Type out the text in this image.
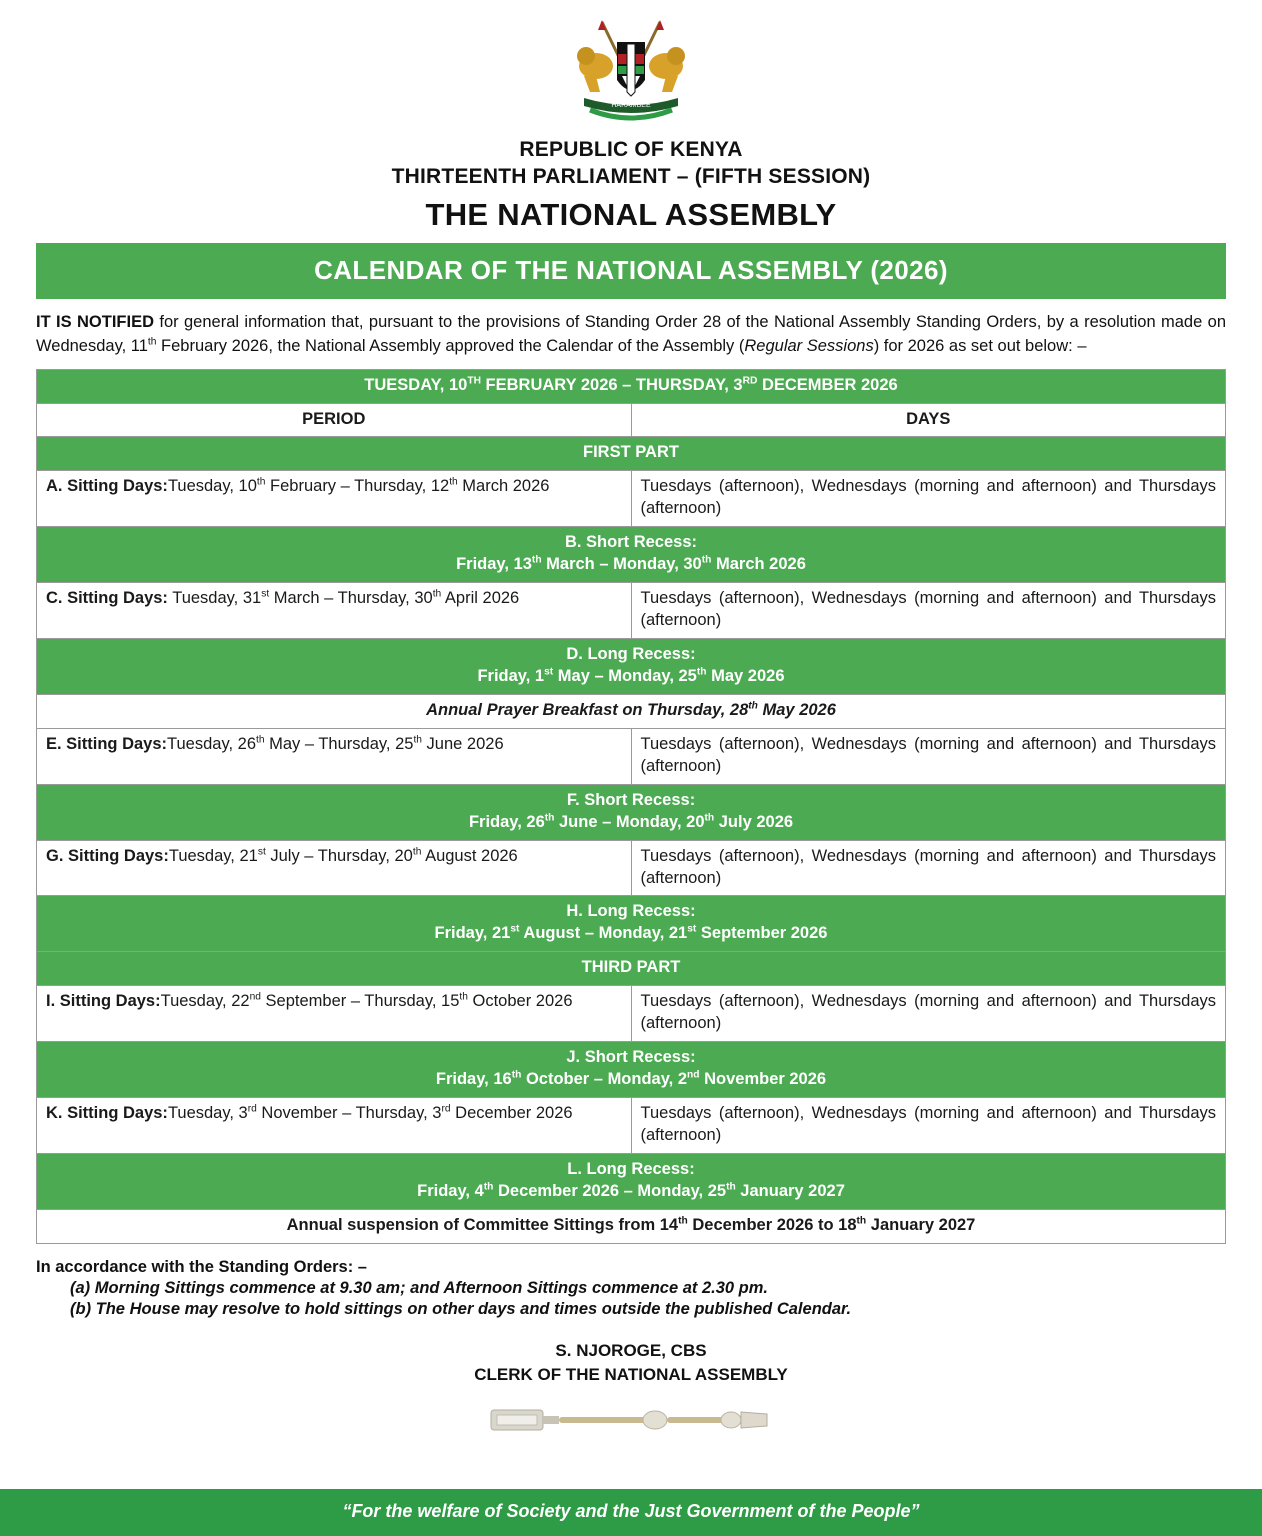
HARAMBEE
REPUBLIC OF KENYA
THIRTEENTH PARLIAMENT – (FIFTH SESSION)
THE NATIONAL ASSEMBLY
CALENDAR OF THE NATIONAL ASSEMBLY (2026)
IT IS NOTIFIED for general information that, pursuant to the provisions of Standing Order 28 of the National Assembly Standing Orders, by a resolution made on Wednesday, 11th February 2026, the National Assembly approved the Calendar of the Assembly (Regular Sessions) for 2026 as set out below: –
TUESDAY, 10TH FEBRUARY 2026 – THURSDAY, 3RD DECEMBER 2026	
PERIOD	DAYS
FIRST PART	
A. Sitting Days:Tuesday, 10th February – Thursday, 12th March 2026	Tuesdays (afternoon), Wednesdays (morning and afternoon) and Thursdays (afternoon)
B. Short Recess:
Friday, 13th March – Monday, 30th March 2026	
C. Sitting Days: Tuesday, 31st March – Thursday, 30th April 2026	Tuesdays (afternoon), Wednesdays (morning and afternoon) and Thursdays (afternoon)
D. Long Recess:
Friday, 1st May – Monday, 25th May 2026	
Annual Prayer Breakfast on Thursday, 28th May 2026	
E. Sitting Days:Tuesday, 26th May – Thursday, 25th June 2026	Tuesdays (afternoon), Wednesdays (morning and afternoon) and Thursdays (afternoon)
F. Short Recess:
Friday, 26th June – Monday, 20th July 2026	
G. Sitting Days:Tuesday, 21st July – Thursday, 20th August 2026	Tuesdays (afternoon), Wednesdays (morning and afternoon) and Thursdays (afternoon)
H. Long Recess:
Friday, 21st August – Monday, 21st September 2026	
THIRD PART	
I. Sitting Days:Tuesday, 22nd September – Thursday, 15th October 2026	Tuesdays (afternoon), Wednesdays (morning and afternoon) and Thursdays (afternoon)
J. Short Recess:
Friday, 16th October – Monday, 2nd November 2026	
K. Sitting Days:Tuesday, 3rd November – Thursday, 3rd December 2026	Tuesdays (afternoon), Wednesdays (morning and afternoon) and Thursdays (afternoon)
L. Long Recess:
Friday, 4th December 2026 – Monday, 25th January 2027	
Annual suspension of Committee Sittings from 14th December 2026 to 18th January 2027	
In accordance with the Standing Orders: –
(a) Morning Sittings commence at 9.30 am; and Afternoon Sittings commence at 2.30 pm.
(b) The House may resolve to hold sittings on other days and times outside the published Calendar.
S. NJOROGE, CBS
CLERK OF THE NATIONAL ASSEMBLY
“For the welfare of Society and the Just Government of the People”
